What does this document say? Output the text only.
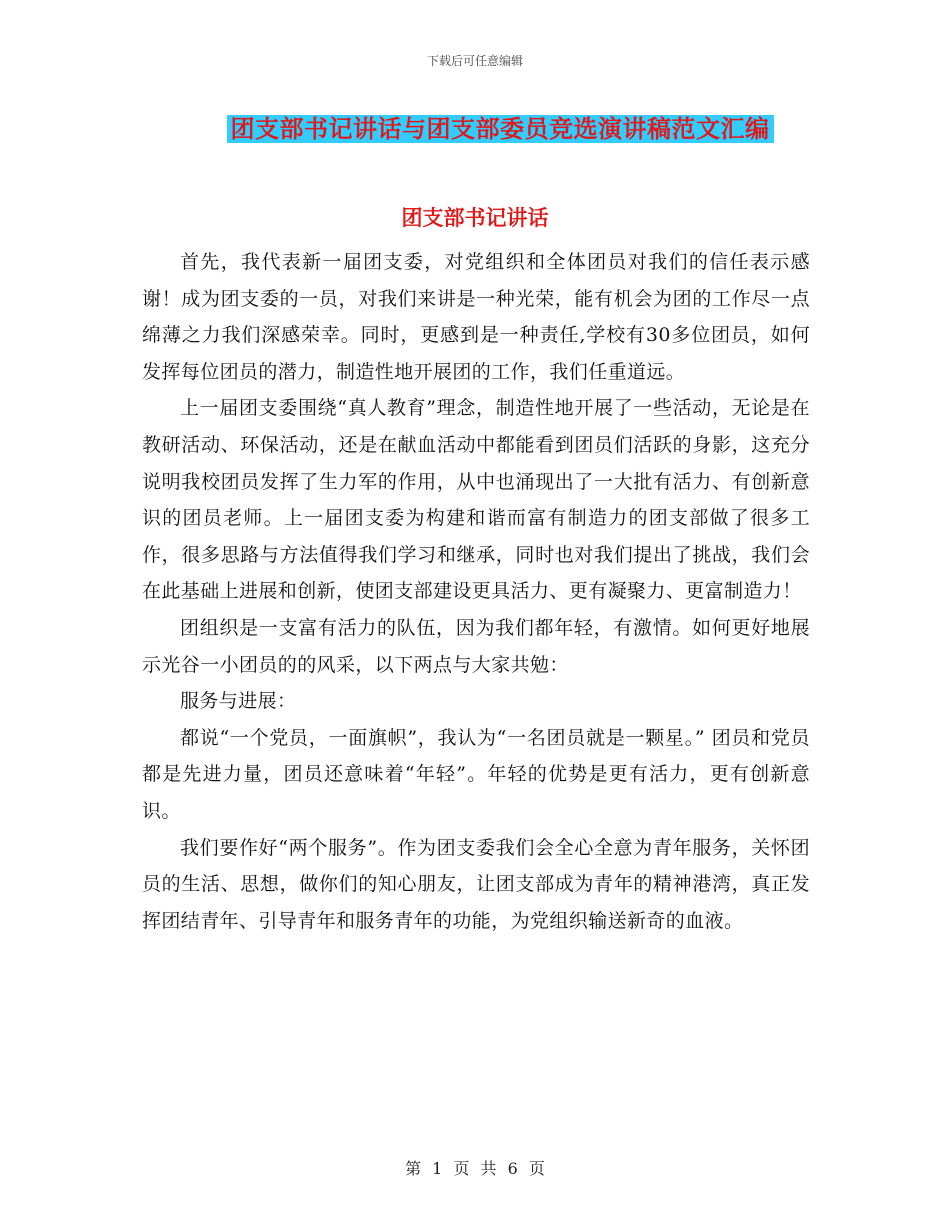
下载后可任意编辑
团支部书记讲话与团支部委员竞选演讲稿范文汇编
团支部书记讲话

首先，我代表新一届团支委，对党组织和全体团员对我们的信任表示感谢！成为团支委的一员，对我们来讲是一种光荣，能有机会为团的工作尽一点绵薄之力我们深感荣幸。同时，更感到是一种责任,学校有30多位团员，如何发挥每位团员的潜力，制造性地开展团的工作，我们任重道远。

上一届团支委围绕“真人教育”理念，制造性地开展了一些活动，无论是在教研活动、环保活动，还是在献血活动中都能看到团员们活跃的身影，这充分说明我校团员发挥了生力军的作用，从中也涌现出了一大批有活力、有创新意识的团员老师。上一届团支委为构建和谐而富有制造力的团支部做了很多工作，很多思路与方法值得我们学习和继承，同时也对我们提出了挑战，我们会在此基础上进展和创新，使团支部建设更具活力、更有凝聚力、更富制造力！

团组织是一支富有活力的队伍，因为我们都年轻，有激情。如何更好地展示光谷一小团员的的风采，以下两点与大家共勉：

服务与进展：

都说“一个党员，一面旗帜”，我认为“一名团员就是一颗星。” 团员和党员都是先进力量，团员还意味着“年轻”。年轻的优势是更有活力，更有创新意识。

我们要作好“两个服务”。作为团支委我们会全心全意为青年服务，关怀团员的生活、思想，做你们的知心朋友，让团支部成为青年的精神港湾，真正发挥团结青年、引导青年和服务青年的功能，为党组织输送新奇的血液。

第 1 页 共 6 页
